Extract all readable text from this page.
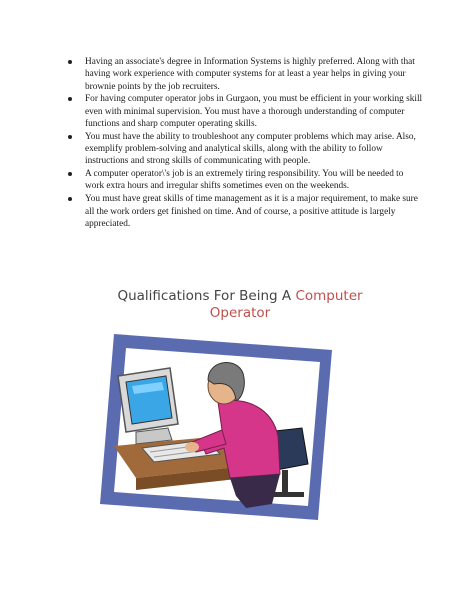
Having an associate's degree in Information Systems is highly preferred. Along with that having work experience with computer systems for at least a year helps in giving your brownie points by the job recruiters.
For having computer operator jobs in Gurgaon, you must be efficient in your working skill even with minimal supervision. You must have a thorough understanding of computer functions and sharp computer operating skills.
You must have the ability to troubleshoot any computer problems which may arise. Also, exemplify problem-solving and analytical skills, along with the ability to follow instructions and strong skills of communicating with people.
A computer operator\'s job is an extremely tiring responsibility. You will be needed to work extra hours and irregular shifts sometimes even on the weekends.
You must have great skills of time management as it is a major requirement, to make sure all the work orders get finished on time. And of course, a positive attitude is largely appreciated.
Qualifications For Being A Computer
Operator
